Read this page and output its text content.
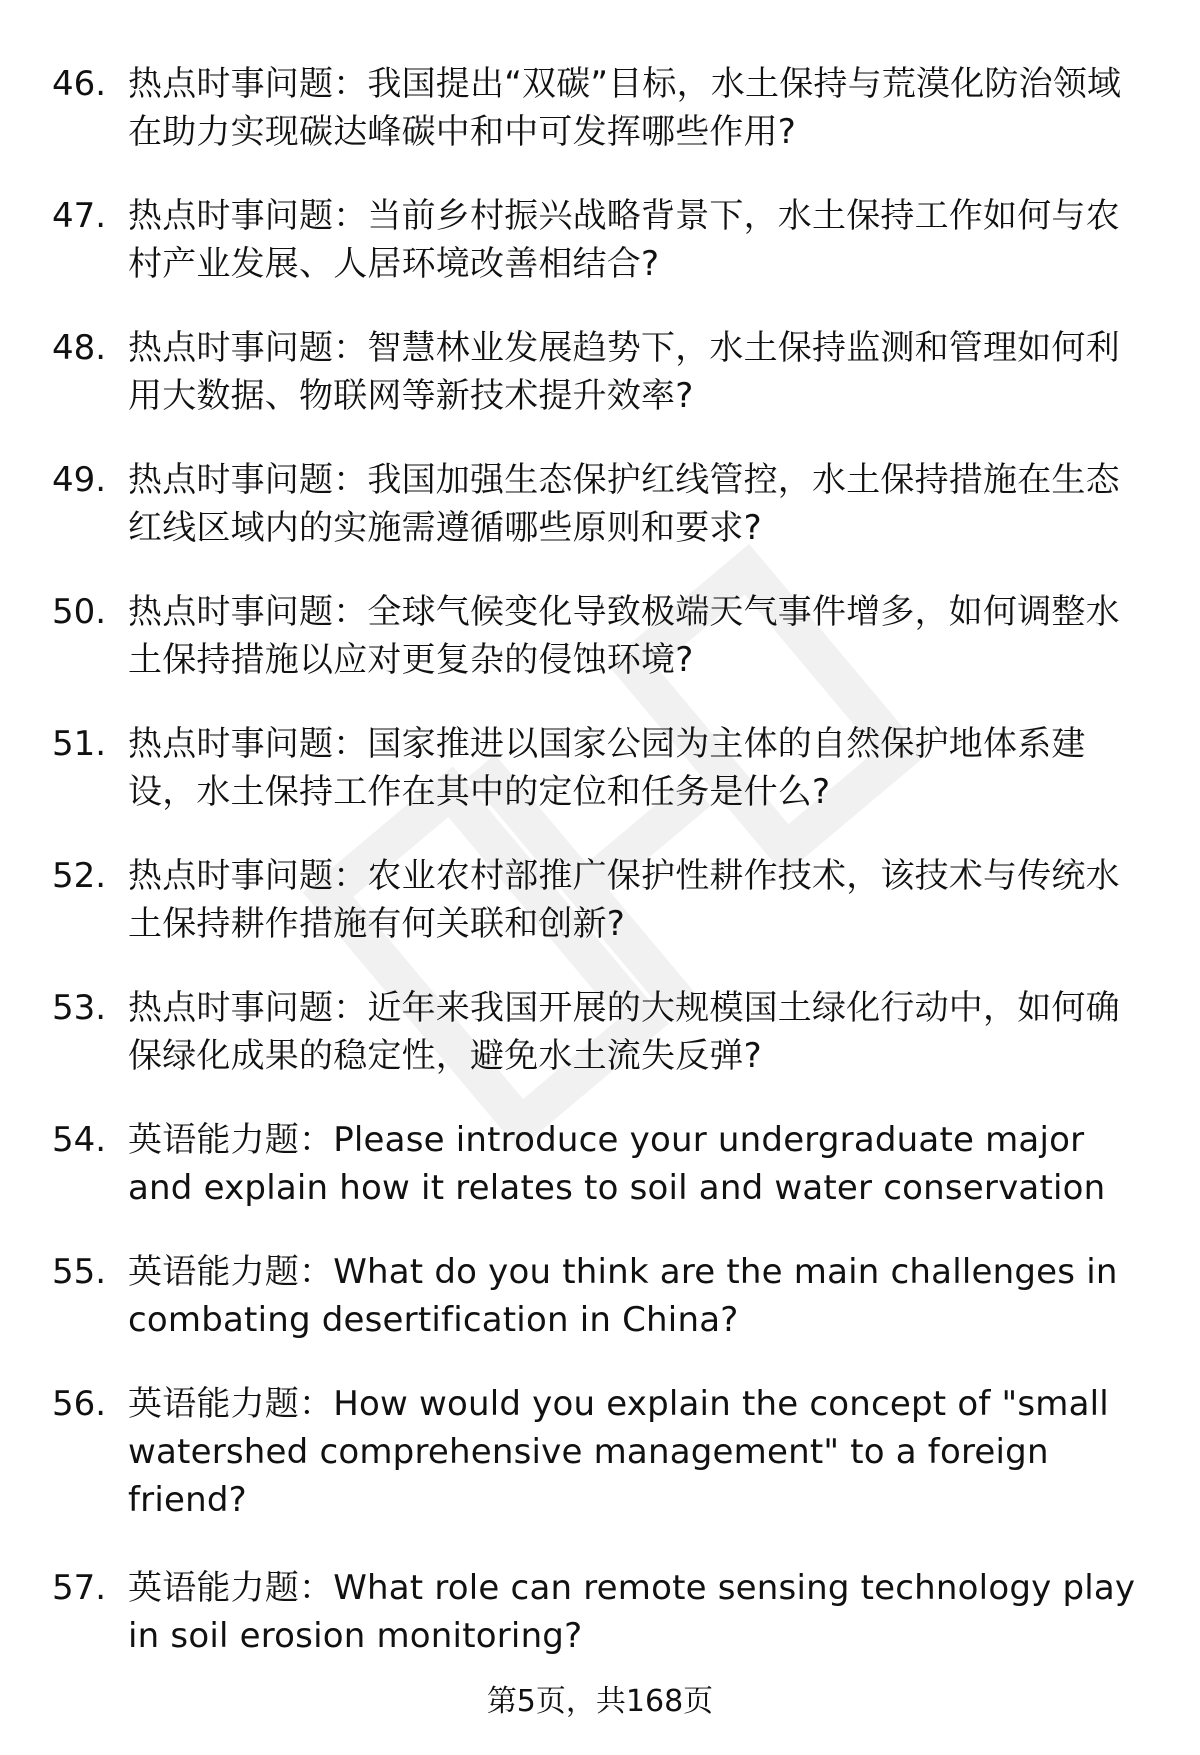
46. 热点时事问题：我国提出“双碳”目标，水土保持与荒漠化防治领域在助力实现碳达峰碳中和中可发挥哪些作用?
47. 热点时事问题：当前乡村振兴战略背景下，水土保持工作如何与农村产业发展、人居环境改善相结合?
48. 热点时事问题：智慧林业发展趋势下，水土保持监测和管理如何利用大数据、物联网等新技术提升效率?
49. 热点时事问题：我国加强生态保护红线管控，水土保持措施在生态红线区域内的实施需遵循哪些原则和要求?
50. 热点时事问题：全球气候变化导致极端天气事件增多，如何调整水土保持措施以应对更复杂的侵蚀环境?
51. 热点时事问题：国家推进以国家公园为主体的自然保护地体系建设，水土保持工作在其中的定位和任务是什么?
52. 热点时事问题：农业农村部推广保护性耕作技术，该技术与传统水土保持耕作措施有何关联和创新?
53. 热点时事问题：近年来我国开展的大规模国土绿化行动中，如何确保绿化成果的稳定性，避免水土流失反弹?
54. 英语能力题：Please introduce your undergraduate major and explain how it relates to soil and water conservation
55. 英语能力题：What do you think are the main challenges in combating desertification in China?
56. 英语能力题：How would you explain the concept of "small watershed comprehensive management" to a foreign friend?
57. 英语能力题：What role can remote sensing technology play in soil erosion monitoring?
第5页，共168页
